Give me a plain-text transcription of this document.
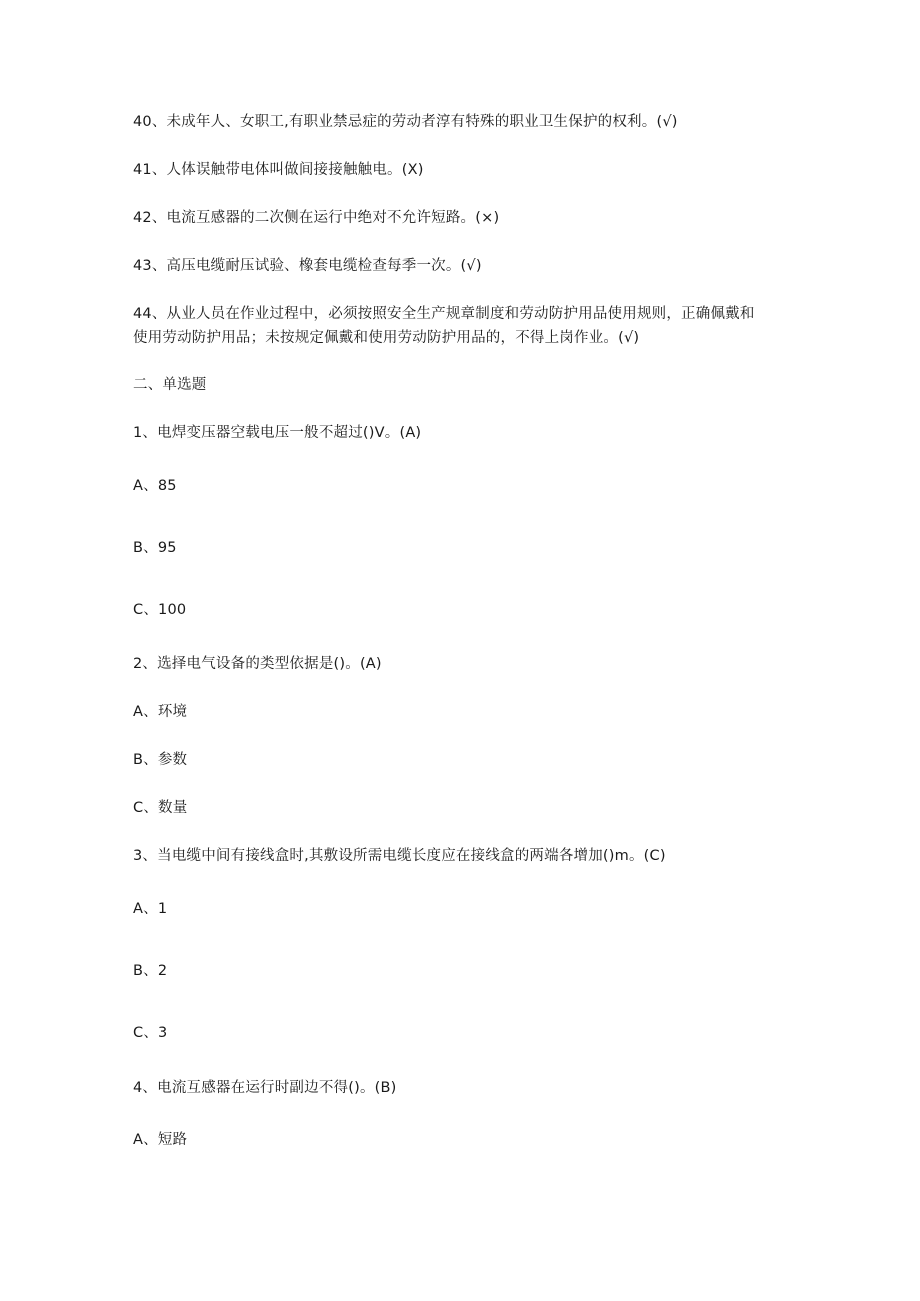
40、未成年人、女职工,有职业禁忌症的劳动者淳有特殊的职业卫生保护的权利。(√)
41、人体误触带电体叫做间接接触触电。(X)
42、电流互感器的二次侧在运行中绝对不允许短路。(×)
43、高压电缆耐压试验、橡套电缆检查每季一次。(√)
44、从业人员在作业过程中，必须按照安全生产规章制度和劳动防护用品使用规则，正确佩戴和
使用劳动防护用品；未按规定佩戴和使用劳动防护用品的，不得上岗作业。(√)
二、单选题
1、电焊变压器空载电压一般不超过()V。(A)
A、85
B、95
C、100
2、选择电气设备的类型依据是()。(A)
A、环境
B、参数
C、数量
3、当电缆中间有接线盒时,其敷设所需电缆长度应在接线盒的两端各增加()m。(C)
A、1
B、2
C、3
4、电流互感器在运行时副边不得()。(B)
A、短路
